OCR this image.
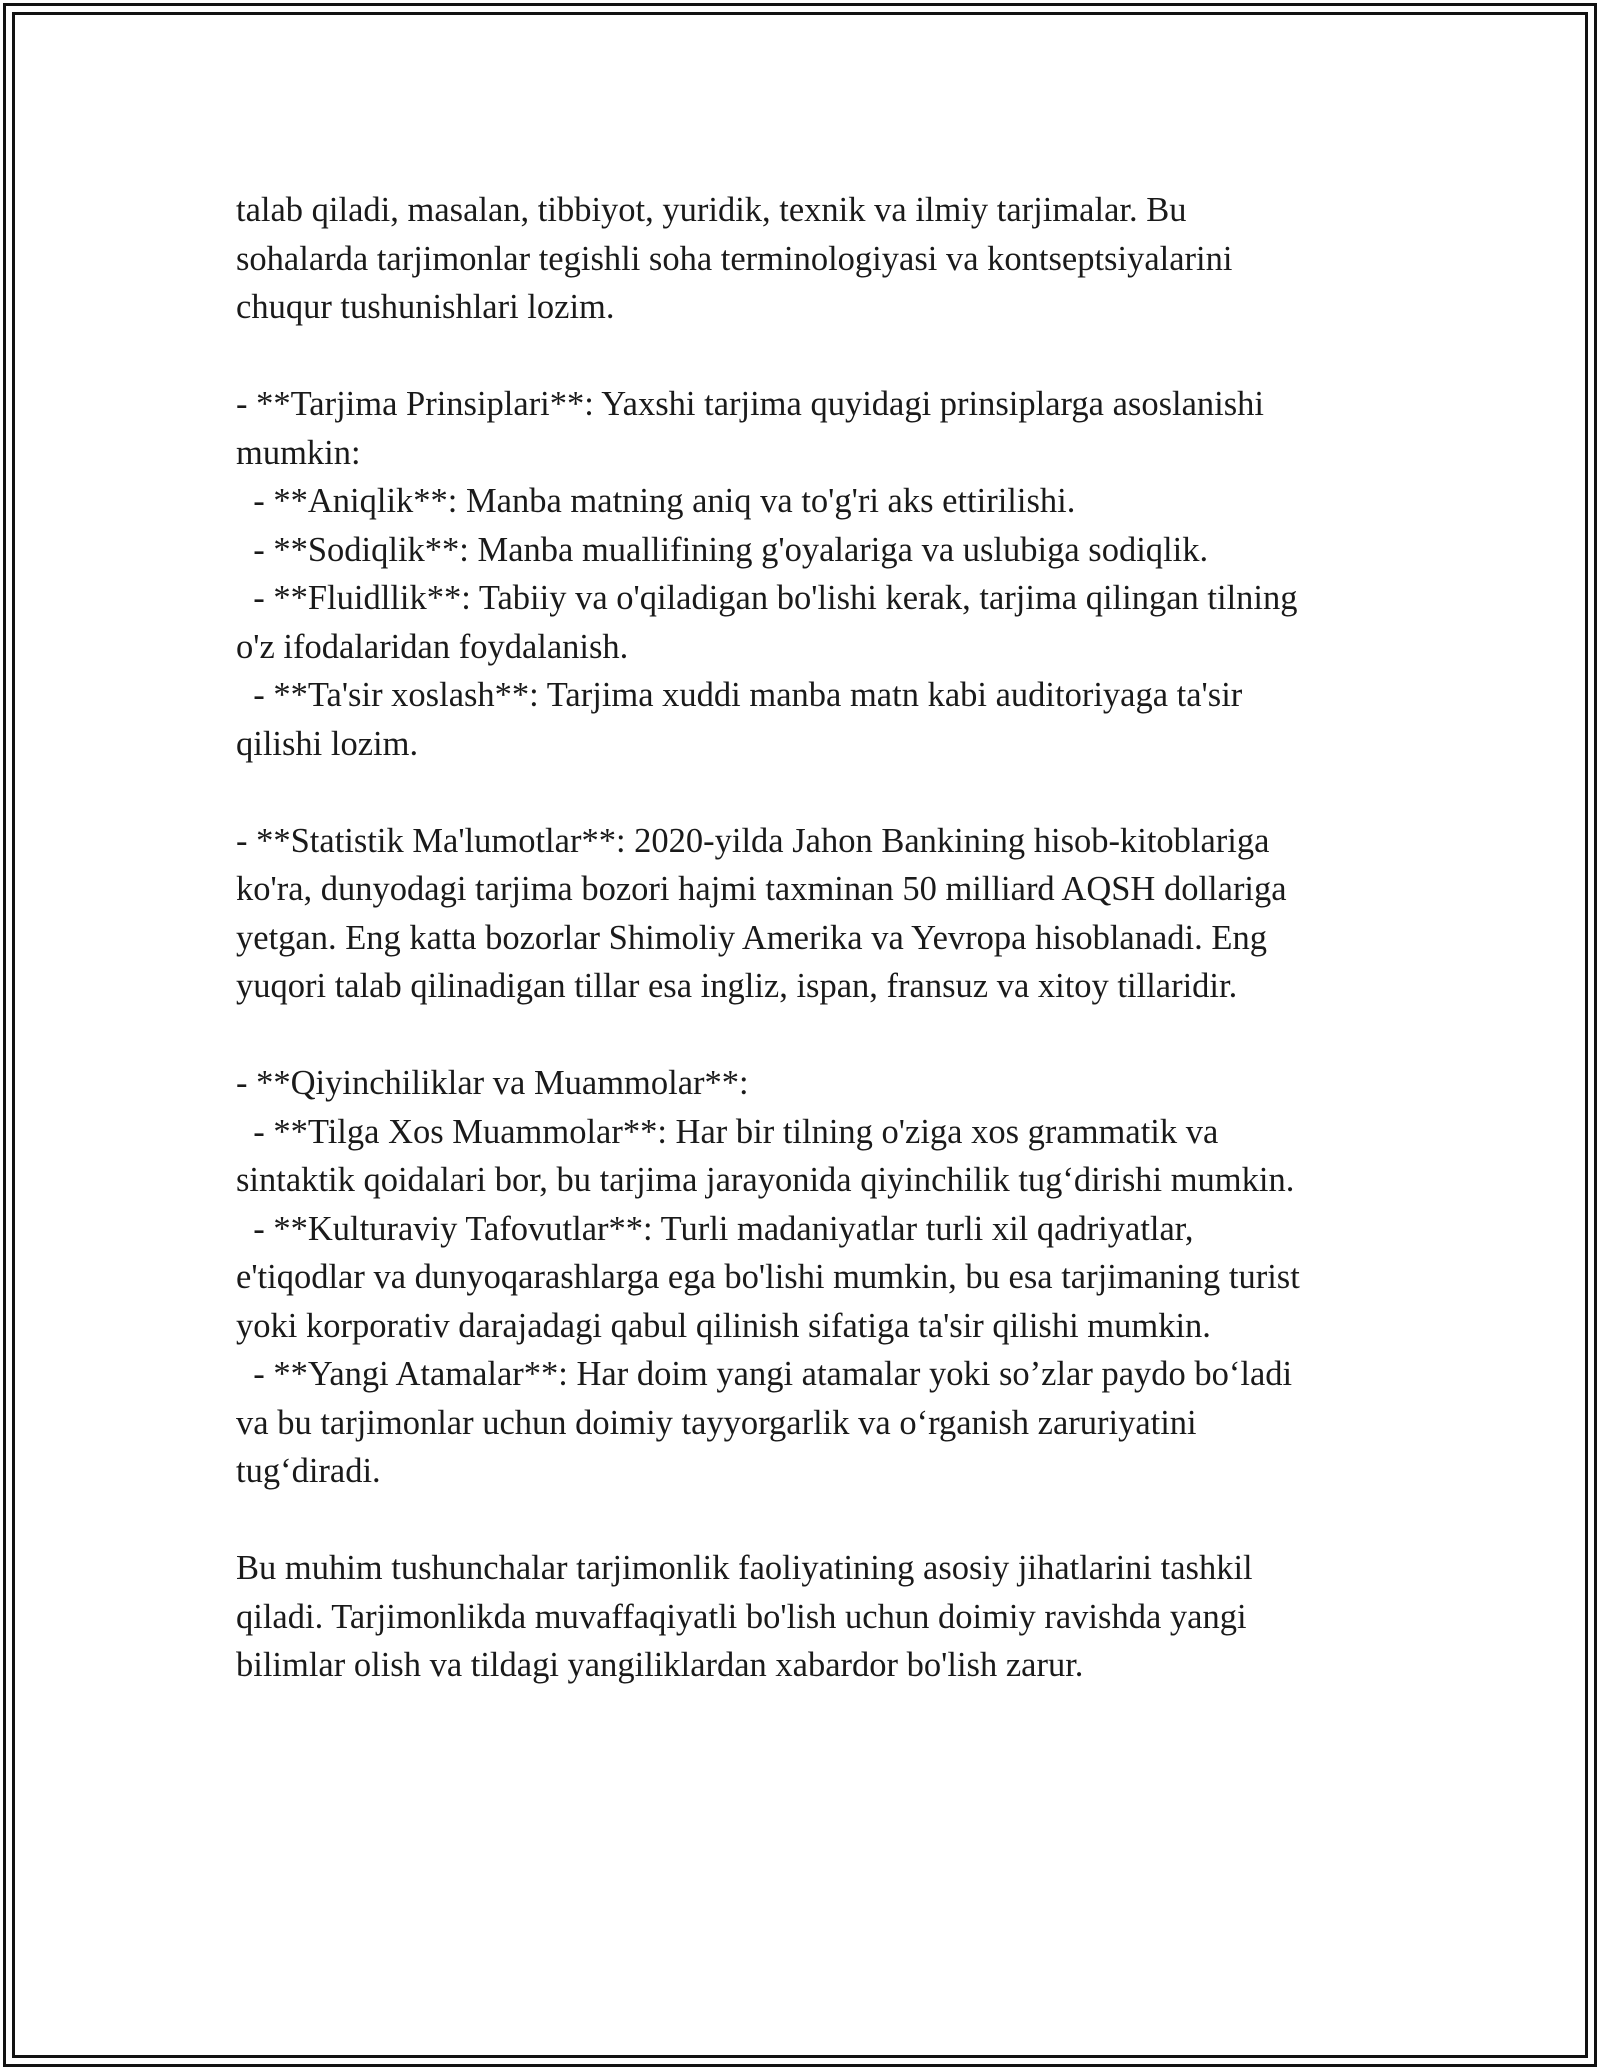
talab qiladi, masalan, tibbiyot, yuridik, texnik va ilmiy tarjimalar. Bu
sohalarda tarjimonlar tegishli soha terminologiyasi va kontseptsiyalarini
chuqur tushunishlari lozim.
- **Tarjima Prinsiplari**: Yaxshi tarjima quyidagi prinsiplarga asoslanishi
mumkin:
- **Aniqlik**: Manba matning aniq va to'g'ri aks ettirilishi.
- **Sodiqlik**: Manba muallifining g'oyalariga va uslubiga sodiqlik.
- **Fluidllik**: Tabiiy va o'qiladigan bo'lishi kerak, tarjima qilingan tilning
o'z ifodalaridan foydalanish.
- **Ta'sir xoslash**: Tarjima xuddi manba matn kabi auditoriyaga ta'sir
qilishi lozim.
- **Statistik Ma'lumotlar**: 2020-yilda Jahon Bankining hisob-kitoblariga
ko'ra, dunyodagi tarjima bozori hajmi taxminan 50 milliard AQSH dollariga
yetgan. Eng katta bozorlar Shimoliy Amerika va Yevropa hisoblanadi. Eng
yuqori talab qilinadigan tillar esa ingliz, ispan, fransuz va xitoy tillaridir.
- **Qiyinchiliklar va Muammolar**:
- **Tilga Xos Muammolar**: Har bir tilning o'ziga xos grammatik va
sintaktik qoidalari bor, bu tarjima jarayonida qiyinchilik tug‘dirishi mumkin.
- **Kulturaviy Tafovutlar**: Turli madaniyatlar turli xil qadriyatlar,
e'tiqodlar va dunyoqarashlarga ega bo'lishi mumkin, bu esa tarjimaning turist
yoki korporativ darajadagi qabul qilinish sifatiga ta'sir qilishi mumkin.
- **Yangi Atamalar**: Har doim yangi atamalar yoki so’zlar paydo bo‘ladi
va bu tarjimonlar uchun doimiy tayyorgarlik va o‘rganish zaruriyatini
tug‘diradi.
Bu muhim tushunchalar tarjimonlik faoliyatining asosiy jihatlarini tashkil
qiladi. Tarjimonlikda muvaffaqiyatli bo'lish uchun doimiy ravishda yangi
bilimlar olish va tildagi yangiliklardan xabardor bo'lish zarur.
